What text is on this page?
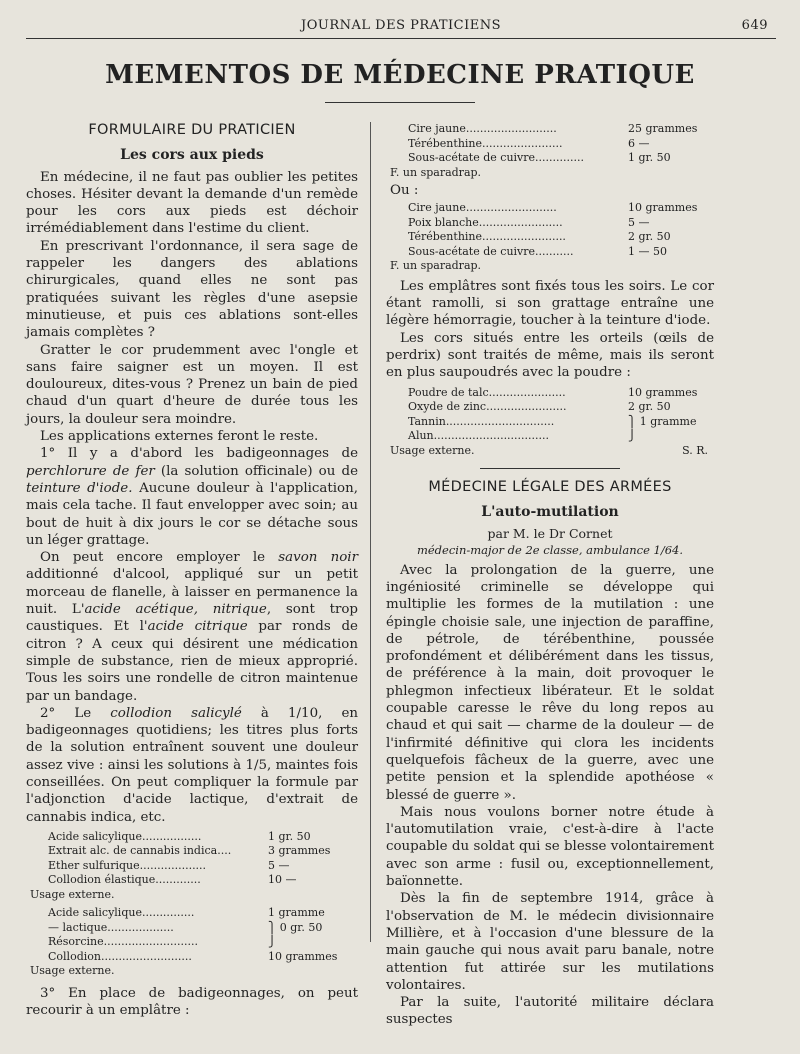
JOURNAL DES PRATICIENS	649
MEMENTOS DE MÉDECINE PRATIQUE
FORMULAIRE DU PRATICIEN
Les cors aux pieds

En médecine, il ne faut pas oublier les petites choses. Hésiter devant la demande d'un remède pour les cors aux pieds est déchoir irrémédiablement dans l'estime du client.

En prescrivant l'ordonnance, il sera sage de rappeler les dangers des ablations chirurgicales, quand elles ne sont pas pratiquées suivant les règles d'une asepsie minutieuse, et puis ces ablations sont-elles jamais complètes ?

Gratter le cor prudemment avec l'ongle et sans faire saigner est un moyen. Il est douloureux, dites-vous ? Prenez un bain de pied chaud d'un quart d'heure de durée tous les jours, la douleur sera moindre.

Les applications externes feront le reste.

1° Il y a d'abord les badigeonnages de perchlorure de fer (la solution officinale) ou de teinture d'iode. Aucune douleur à l'application, mais cela tache. Il faut envelopper avec soin; au bout de huit à dix jours le cor se détache sous un léger grattage.

On peut encore employer le savon noir additionné d'alcool, appliqué sur un petit morceau de flanelle, à laisser en permanence la nuit. L'acide acétique, nitrique, sont trop caustiques. Et l'acide citrique par ronds de citron ? A ceux qui désirent une médication simple de substance, rien de mieux approprié. Tous les soirs une rondelle de citron maintenue par un bandage.

2° Le collodion salicylé à 1/10, en badigeonnages quotidiens; les titres plus forts de la solution entraînent souvent une douleur assez vive : ainsi les solutions à 1/5, maintes fois conseillées. On peut compliquer la formule par l'adjonction d'acide lactique, d'extrait de cannabis indica, etc.

Acide salicylique.................	1 gr. 50
Extrait alc. de cannabis indica....	3 grammes
Ether sulfurique...................	5 —
Collodion élastique.............	10 —
Usage externe.
Acide salicylique...............	1 gramme
— lactique...................	⎫ 0 gr. 50
Résorcine...........................	⎭
Collodion..........................	10 grammes
Usage externe.

3° En place de badigeonnages, on peut recourir à un emplâtre :

Cire jaune..........................	25 grammes
Térébenthine.......................	6 —
Sous-acétate de cuivre..............	1 gr. 50
F. un sparadrap.
Ou :
Cire jaune..........................	10 grammes
Poix blanche........................	5 —
Térébenthine........................	2 gr. 50
Sous-acétate de cuivre...........	1 — 50
F. un sparadrap.

Les emplâtres sont fixés tous les soirs. Le cor étant ramolli, si son grattage entraîne une légère hémorragie, toucher à la teinture d'iode.

Les cors situés entre les orteils (œils de perdrix) sont traités de même, mais ils seront en plus saupoudrés avec la poudre :

Poudre de talc......................	10 grammes
Oxyde de zinc.......................	2 gr. 50
Tannin...............................	⎫ 1 gramme
Alun.................................	⎭
Usage externe.	S. R.
MÉDECINE LÉGALE DES ARMÉES
L'auto-mutilation
par M. le Dr Cornet
médecin-major de 2e classe, ambulance 1/64.

Avec la prolongation de la guerre, une ingéniosité criminelle se développe qui multiplie les formes de la mutilation : une épingle choisie sale, une injection de paraffine, de pétrole, de térébenthine, poussée profondément et délibérément dans les tissus, de préférence à la main, doit provoquer le phlegmon infectieux libérateur. Et le soldat coupable caresse le rêve du long repos au chaud et qui sait — charme de la douleur — de l'infirmité définitive qui clora les incidents quelquefois fâcheux de la guerre, avec une petite pension et la splendide apothéose « blessé de guerre ».

Mais nous voulons borner notre étude à l'automutilation vraie, c'est-à-dire à l'acte coupable du soldat qui se blesse volontairement avec son arme : fusil ou, exceptionnellement, baïonnette.

Dès la fin de septembre 1914, grâce à l'observation de M. le médecin divisionnaire Millière, et à l'occasion d'une blessure de la main gauche qui nous avait paru banale, notre attention fut attirée sur les mutilations volontaires.

Par la suite, l'autorité militaire déclara suspectes
